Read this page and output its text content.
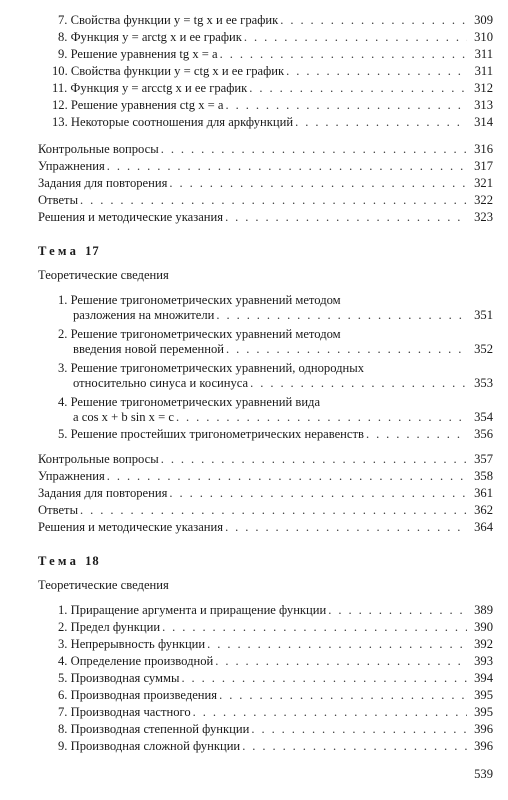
7. Свойства функции y = tg x и ее график . . .	309
8. Функция y = arctg x и ее график . . .	310
9. Решение уравнения tg x = a . . .	311
10. Свойства функции y = ctg x и ее график . . .	311
11. Функция y = arcctg x и ее график . . .	312
12. Решение уравнения ctg x = a . . .	313
13. Некоторые соотношения для аркфункций . . .	314
Контрольные вопросы . . .	316
Упражнения . . .	317
Задания для повторения . . .	321
Ответы . . .	322
Решения и методические указания . . .	323
Тема 17
Теоретические сведения
1. Решение тригонометрических уравнений методом
разложения на множители . . .	351
2. Решение тригонометрических уравнений методом
введения новой переменной . . .	352
3. Решение тригонометрических уравнений, однородных
относительно синуса и косинуса . . .	353
4. Решение тригонометрических уравнений вида
a cos x + b sin x = c . . .	354
5. Решение простейших тригонометрических неравенств . . .	356
Контрольные вопросы . . .	357
Упражнения . . .	358
Задания для повторения . . .	361
Ответы . . .	362
Решения и методические указания . . .	364
Тема 18
Теоретические сведения
1. Приращение аргумента и приращение функции . . .	389
2. Предел функции . . .	390
3. Непрерывность функции . . .	392
4. Определение производной . . .	393
5. Производная суммы . . .	394
6. Производная произведения . . .	395
7. Производная частного . . .	395
8. Производная степенной функции . . .	396
9. Производная сложной функции . . .	396
539
